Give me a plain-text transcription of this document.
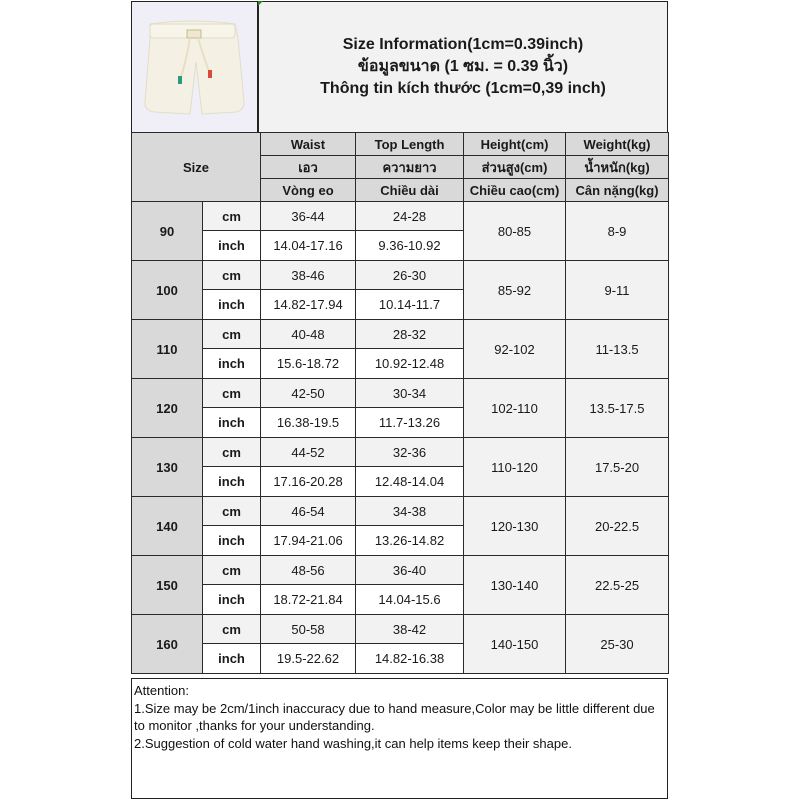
Size Information(1cm=0.39inch)
ข้อมูลขนาด (1 ซม. = 0.39 นิ้ว)
Thông tin kích thước (1cm=0,39 inch)
Size		Waist	Top Length	Height(cm)	Weight(kg)
		เอว	ความยาว	ส่วนสูง(cm)	น้ำหนัก(kg)
		Vòng eo	Chiều dài	Chiều cao(cm)	Cân nặng(kg)
90	cm	36-44	24-28	80-85	8-9
	inch	14.04-17.16	9.36-10.92		
100	cm	38-46	26-30	85-92	9-11
	inch	14.82-17.94	10.14-11.7		
110	cm	40-48	28-32	92-102	11-13.5
	inch	15.6-18.72	10.92-12.48		
120	cm	42-50	30-34	102-110	13.5-17.5
	inch	16.38-19.5	11.7-13.26		
130	cm	44-52	32-36	110-120	17.5-20
	inch	17.16-20.28	12.48-14.04		
140	cm	46-54	34-38	120-130	20-22.5
	inch	17.94-21.06	13.26-14.82		
150	cm	48-56	36-40	130-140	22.5-25
	inch	18.72-21.84	14.04-15.6		
160	cm	50-58	38-42	140-150	25-30
	inch	19.5-22.62	14.82-16.38		
Attention:
1.Size may be 2cm/1inch inaccuracy due to hand measure,Color may be little different due to monitor ,thanks for your understanding.
2.Suggestion of cold water hand washing,it can help items keep their shape.
